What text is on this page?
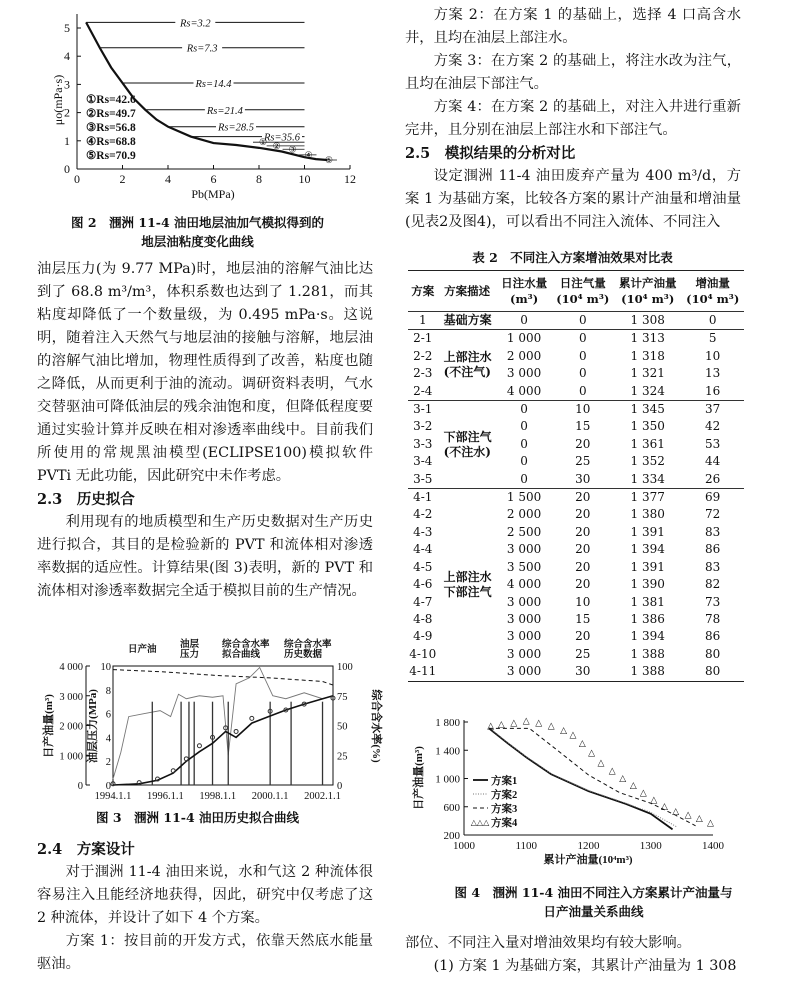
0	2	4	6	8	10	12
0
1
2
3
4
5
Pb(MPa)
μo(mPa·s)
Rs=3.2
Rs=7.3
Rs=14.4
Rs=21.4
Rs=28.5
Rs=35.6
① ② ③
④
⑤
①Rs=42.6
②Rs=49.7
③Rs=56.8
④Rs=68.8
⑤Rs=70.9
图 2　涠洲 11-4 油田地层油加气模拟得到的
地层油粘度变化曲线

油层压力(为 9.77 MPa)时，地层油的溶解气油比达到了 68.8 m³/m³，体积系数也达到了 1.281，而其粘度却降低了一个数量级，为 0.495 mPa·s。这说明，随着注入天然气与地层油的接触与溶解，地层油的溶解气油比增加，物理性质得到了改善，粘度也随之降低，从而更利于油的流动。调研资料表明，气水交替驱油可降低油层的残余油饱和度，但降低程度要通过实验计算并反映在相对渗透率曲线中。目前我们所使用的常规黑油模型(ECLIPSE100)模拟软件 PVTi 无此功能，因此研究中未作考虑。

2.3　历史拟合

利用现有的地质模型和生产历史数据对生产历史进行拟合，其目的是检验新的 PVT 和流体相对渗透率数据的适应性。计算结果(图 3)表明，新的 PVT 和流体相对渗透率数据完全适于模拟目前的生产情况。

0
1 000
2 000
3 000
4 000
0
2
4
6
8
10
0
25
50
75
100
1994.1.1 1996.1.1 1998.1.1 2000.1.1 2002.1.1
日产油量(m³)	油层压力(MPa)	综合含水率(%)
日产油 油层压力
综合含水率拟合曲线
综合含水率历史数据
图 3　涠洲 11-4 油田历史拟合曲线

2.4　方案设计

对于涠洲 11-4 油田来说，水和气这 2 种流体很容易注入且能经济地获得，因此，研究中仅考虑了这 2 种流体，并设计了如下 4 个方案。

方案 1：按目前的开发方式，依靠天然底水能量驱油。

方案 2：在方案 1 的基础上，选择 4 口高含水井，且均在油层上部注水。

方案 3：在方案 2 的基础上，将注水改为注气，且均在油层下部注气。

方案 4：在方案 2 的基础上，对注入井进行重新完井，且分别在油层上部注水和下部注气。

2.5　模拟结果的分析对比

设定涠洲 11-4 油田废弃产量为 400 m³/d，方案 1 为基础方案，比较各方案的累计产油量和增油量(见表2及图4)，可以看出不同注入流体、不同注入

表 2　不同注入方案增油效果对比表
方案	方案描述	日注水量
(m³)	日注气量
(10⁴ m³)	累计产油量
(10⁴ m³)	增油量
(10⁴ m³)
1	基础方案	0	0	1 308	0
2-1	上部注水
(不注气)	1 000	0	1 313	5
2-2		2 000	0	1 318	10
2-3		3 000	0	1 321	13
2-4		4 000	0	1 324	16
3-1	下部注气
(不注水)	0	10	1 345	37
3-2		0	15	1 350	42
3-3		0	20	1 361	53
3-4		0	25	1 352	44
3-5		0	30	1 334	26
4-1	上部注水
下部注气	1 500	20	1 377	69
4-2		2 000	20	1 380	72
4-3		2 500	20	1 391	83
4-4		3 000	20	1 394	86
4-5		3 500	20	1 391	83
4-6		4 000	20	1 390	82
4-7		3 000	10	1 381	73
4-8		3 000	15	1 386	78
4-9		3 000	20	1 394	86
4-10		3 000	25	1 388	80
4-11		3 000	30	1 388	80
1000	1100	1200	1300	1400
200
600
1 000
1 400
1 800
累计产油量(10⁴m³)
日产油量(m³)
△ △ △ △ △ △ △ △
△
△
△
△
△
△
△
△
△ △ △ △ △
方案1
方案2
方案3
△△△ 方案4
图 4　涠洲 11-4 油田不同注入方案累计产油量与
日产油量关系曲线

部位、不同注入量对增油效果均有较大影响。

(1) 方案 1 为基础方案，其累计产油量为 1 308
